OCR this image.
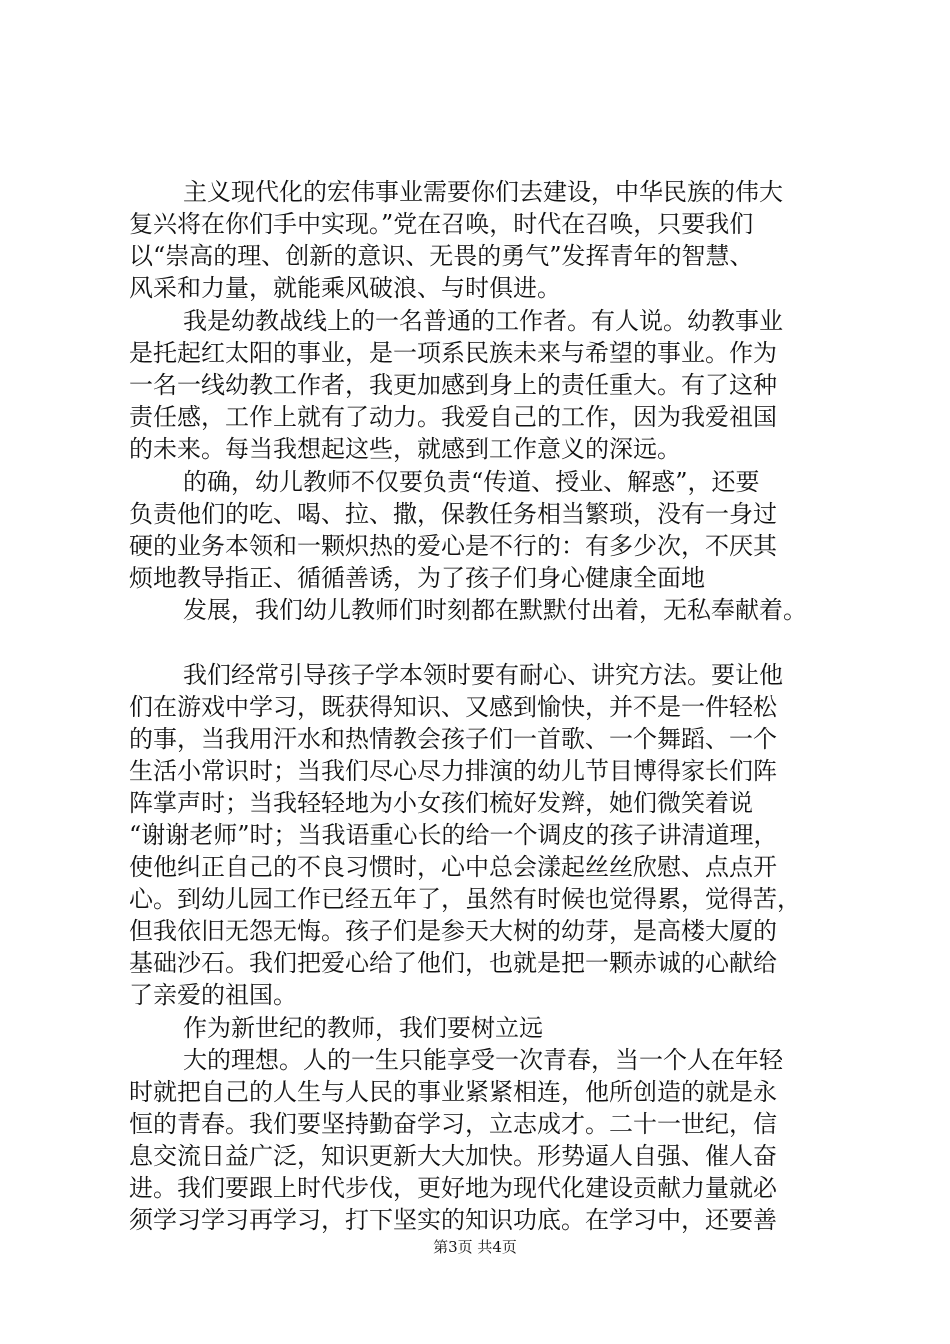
主义现代化的宏伟事业需要你们去建设，中华民族的伟大
复兴将在你们手中实现。”党在召唤，时代在召唤，只要我们
以“崇高的理、创新的意识、无畏的勇气”发挥青年的智慧、
风采和力量，就能乘风破浪、与时俱进。
我是幼教战线上的一名普通的工作者。有人说。幼教事业
是托起红太阳的事业，是一项系民族未来与希望的事业。作为
一名一线幼教工作者，我更加感到身上的责任重大。有了这种
责任感，工作上就有了动力。我爱自己的工作，因为我爱祖国
的未来。每当我想起这些，就感到工作意义的深远。
的确，幼儿教师不仅要负责“传道、授业、解惑”，还要
负责他们的吃、喝、拉、撒，保教任务相当繁琐，没有一身过
硬的业务本领和一颗炽热的爱心是不行的：有多少次，不厌其
烦地教导指正、循循善诱，为了孩子们身心健康全面地
发展，我们幼儿教师们时刻都在默默付出着，无私奉献着。
我们经常引导孩子学本领时要有耐心、讲究方法。要让他
们在游戏中学习，既获得知识、又感到愉快，并不是一件轻松
的事，当我用汗水和热情教会孩子们一首歌、一个舞蹈、一个
生活小常识时；当我们尽心尽力排演的幼儿节目博得家长们阵
阵掌声时；当我轻轻地为小女孩们梳好发辫，她们微笑着说
“谢谢老师”时；当我语重心长的给一个调皮的孩子讲清道理，
使他纠正自己的不良习惯时，心中总会漾起丝丝欣慰、点点开
心。到幼儿园工作已经五年了，虽然有时候也觉得累，觉得苦，
但我依旧无怨无悔。孩子们是参天大树的幼芽，是高楼大厦的
基础沙石。我们把爱心给了他们，也就是把一颗赤诚的心献给
了亲爱的祖国。
作为新世纪的教师，我们要树立远
大的理想。人的一生只能享受一次青春，当一个人在年轻
时就把自己的人生与人民的事业紧紧相连，他所创造的就是永
恒的青春。我们要坚持勤奋学习，立志成才。二十一世纪，信
息交流日益广泛，知识更新大大加快。形势逼人自强、催人奋
进。我们要跟上时代步伐，更好地为现代化建设贡献力量就必
须学习学习再学习，打下坚实的知识功底。在学习中，还要善
第3页 共4页
